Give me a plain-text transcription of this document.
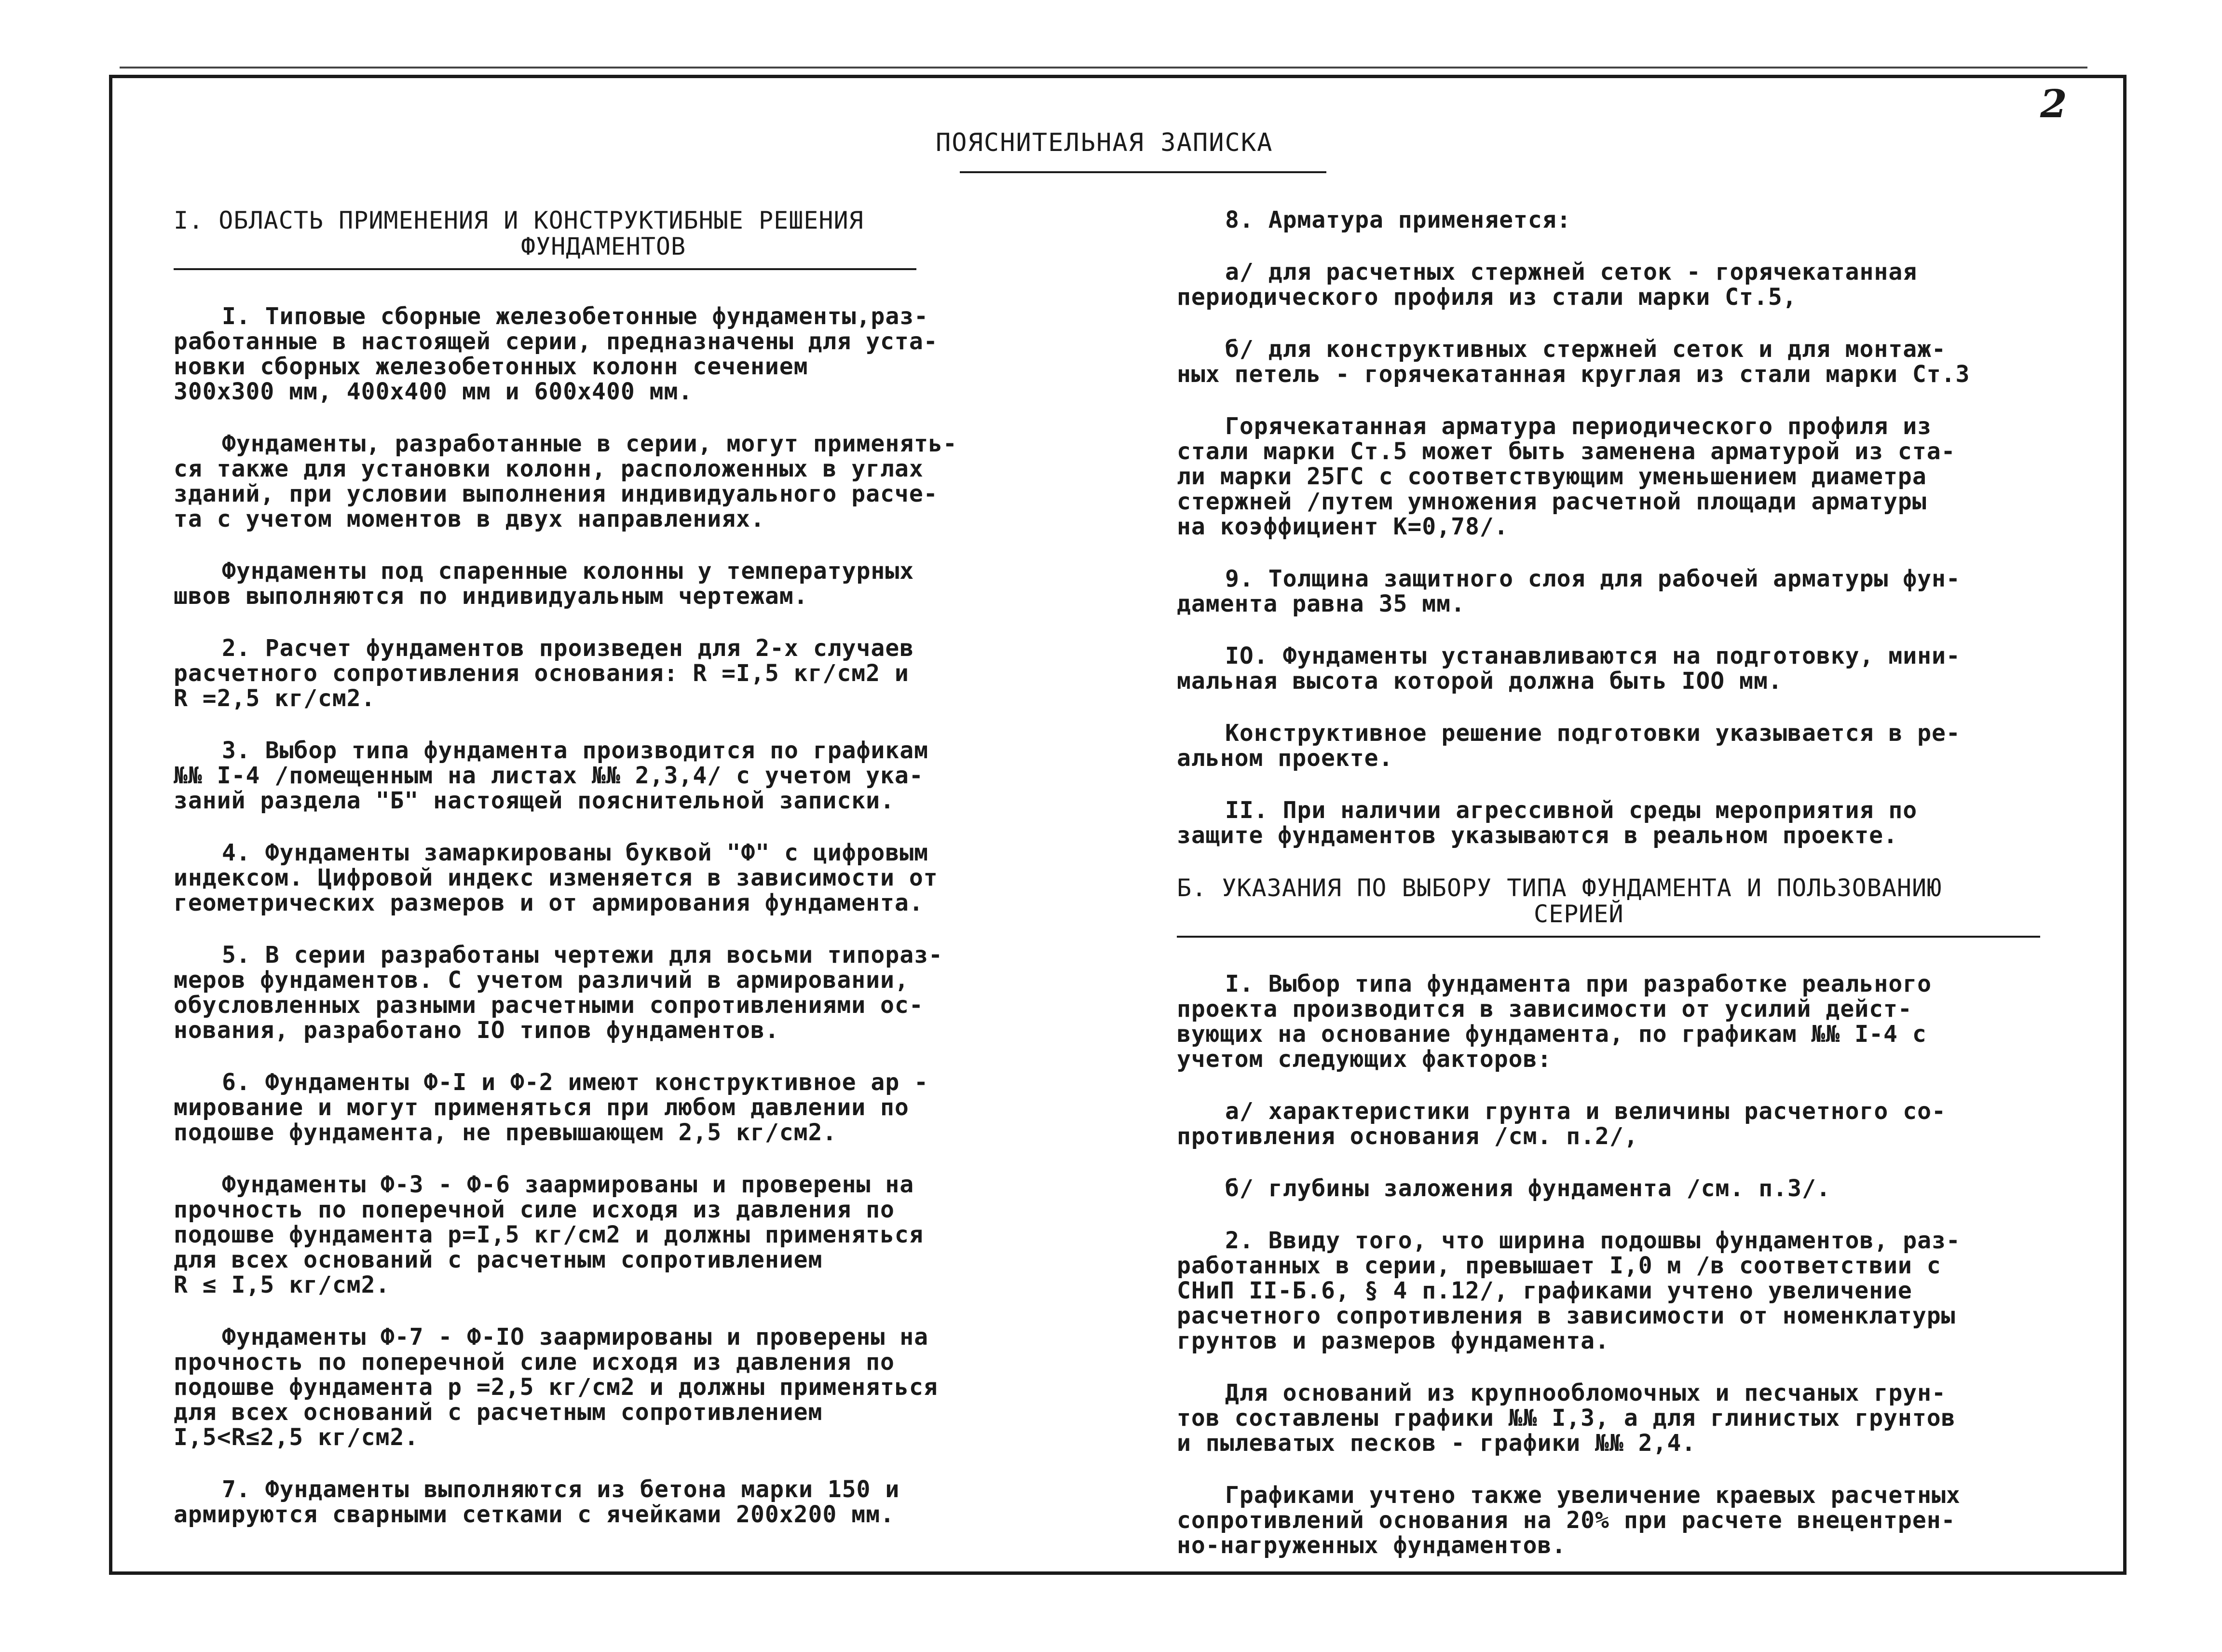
2
ПОЯСНИТЕЛЬНАЯ ЗАПИСКА
I. ОБЛАСТЬ ПРИМЕНЕНИЯ И КОНСТРУКТИБНЫЕ РЕШЕНИЯ
ФУНДАМЕНТОВ
I. Типовые сборные железобетонные фундаменты,раз-
работанные в настоящей серии, предназначены для уста-
новки сборных железобетонных колонн сечением
300х300 мм, 400х400 мм и 600х400 мм.
Фундаменты, разработанные в серии, могут применять-
ся также для установки колонн, расположенных в углах
зданий, при условии выполнения индивидуального расче-
та с учетом моментов в двух направлениях.
Фундаменты под спаренные колонны у температурных
швов выполняются по индивидуальным чертежам.
2. Расчет фундаментов произведен для 2-х случаев
расчетного сопротивления основания: R =I,5 кг/см2 и
R =2,5 кг/см2.
3. Выбор типа фундамента производится по графикам
№№ I-4 /помещенным на листах №№ 2,3,4/ с учетом ука-
заний раздела "Б" настоящей пояснительной записки.
4. Фундаменты замаркированы буквой "Ф" с цифровым
индексом. Цифровой индекс изменяется в зависимости от
геометрических размеров и от армирования фундамента.
5. В серии разработаны чертежи для восьми типораз-
меров фундаментов. С учетом различий в армировании,
обусловленных разными расчетными сопротивлениями ос-
нования, разработано IO типов фундаментов.
6. Фундаменты Ф-I и Ф-2 имеют конструктивное ар -
мирование и могут применяться при любом давлении по
подошве фундамента, не превышающем 2,5 кг/см2.
Фундаменты Ф-3 - Ф-6 заармированы и проверены на
прочность по поперечной силе исходя из давления по
подошве фундамента р=I,5 кг/см2 и должны применяться
для всех оснований с расчетным сопротивлением
R ≤ I,5 кг/см2.
Фундаменты Ф-7 - Ф-IO заармированы и проверены на
прочность по поперечной силе исходя из давления по
подошве фундамента р =2,5 кг/см2 и должны применяться
для всех оснований с расчетным сопротивлением
I,5<R≤2,5 кг/см2.
7. Фундаменты выполняются из бетона марки 150 и
армируются сварными сетками с ячейками 200х200 мм.
8. Арматура применяется:
а/ для расчетных стержней сеток - горячекатанная
периодического профиля из стали марки Ст.5,
б/ для конструктивных стержней сеток и для монтаж-
ных петель - горячекатанная круглая из стали марки Ст.3
Горячекатанная арматура периодического профиля из
стали марки Ст.5 может быть заменена арматурой из ста-
ли марки 25ГС с соответствующим уменьшением диаметра
стержней /путем умножения расчетной площади арматуры
на коэффициент К=0,78/.
9. Толщина защитного слоя для рабочей арматуры фун-
дамента равна 35 мм.
IO. Фундаменты устанавливаются на подготовку, мини-
мальная высота которой должна быть IOO мм.
Конструктивное решение подготовки указывается в ре-
альном проекте.
II. При наличии агрессивной среды мероприятия по
защите фундаментов указываются в реальном проекте.
Б. УКАЗАНИЯ ПО ВЫБОРУ ТИПА ФУНДАМЕНТА И ПОЛЬЗОВАНИЮ
СЕРИЕЙ
I. Выбор типа фундамента при разработке реального
проекта производится в зависимости от усилий дейст-
вующих на основание фундамента, по графикам №№ I-4 с
учетом следующих факторов:
а/ характеристики грунта и величины расчетного со-
противления основания /см. п.2/,
б/ глубины заложения фундамента /см. п.3/.
2. Ввиду того, что ширина подошвы фундаментов, раз-
работанных в серии, превышает I,0 м /в соответствии с
СНиП II-Б.6, § 4 п.12/, графиками учтено увеличение
расчетного сопротивления в зависимости от номенклатуры
грунтов и размеров фундамента.
Для оснований из крупнообломочных и песчаных грун-
тов составлены графики №№ I,3, а для глинистых грунтов
и пылеватых песков - графики №№ 2,4.
Графиками учтено также увеличение краевых расчетных
сопротивлений основания на 20% при расчете внецентрен-
но-нагруженных фундаментов.
